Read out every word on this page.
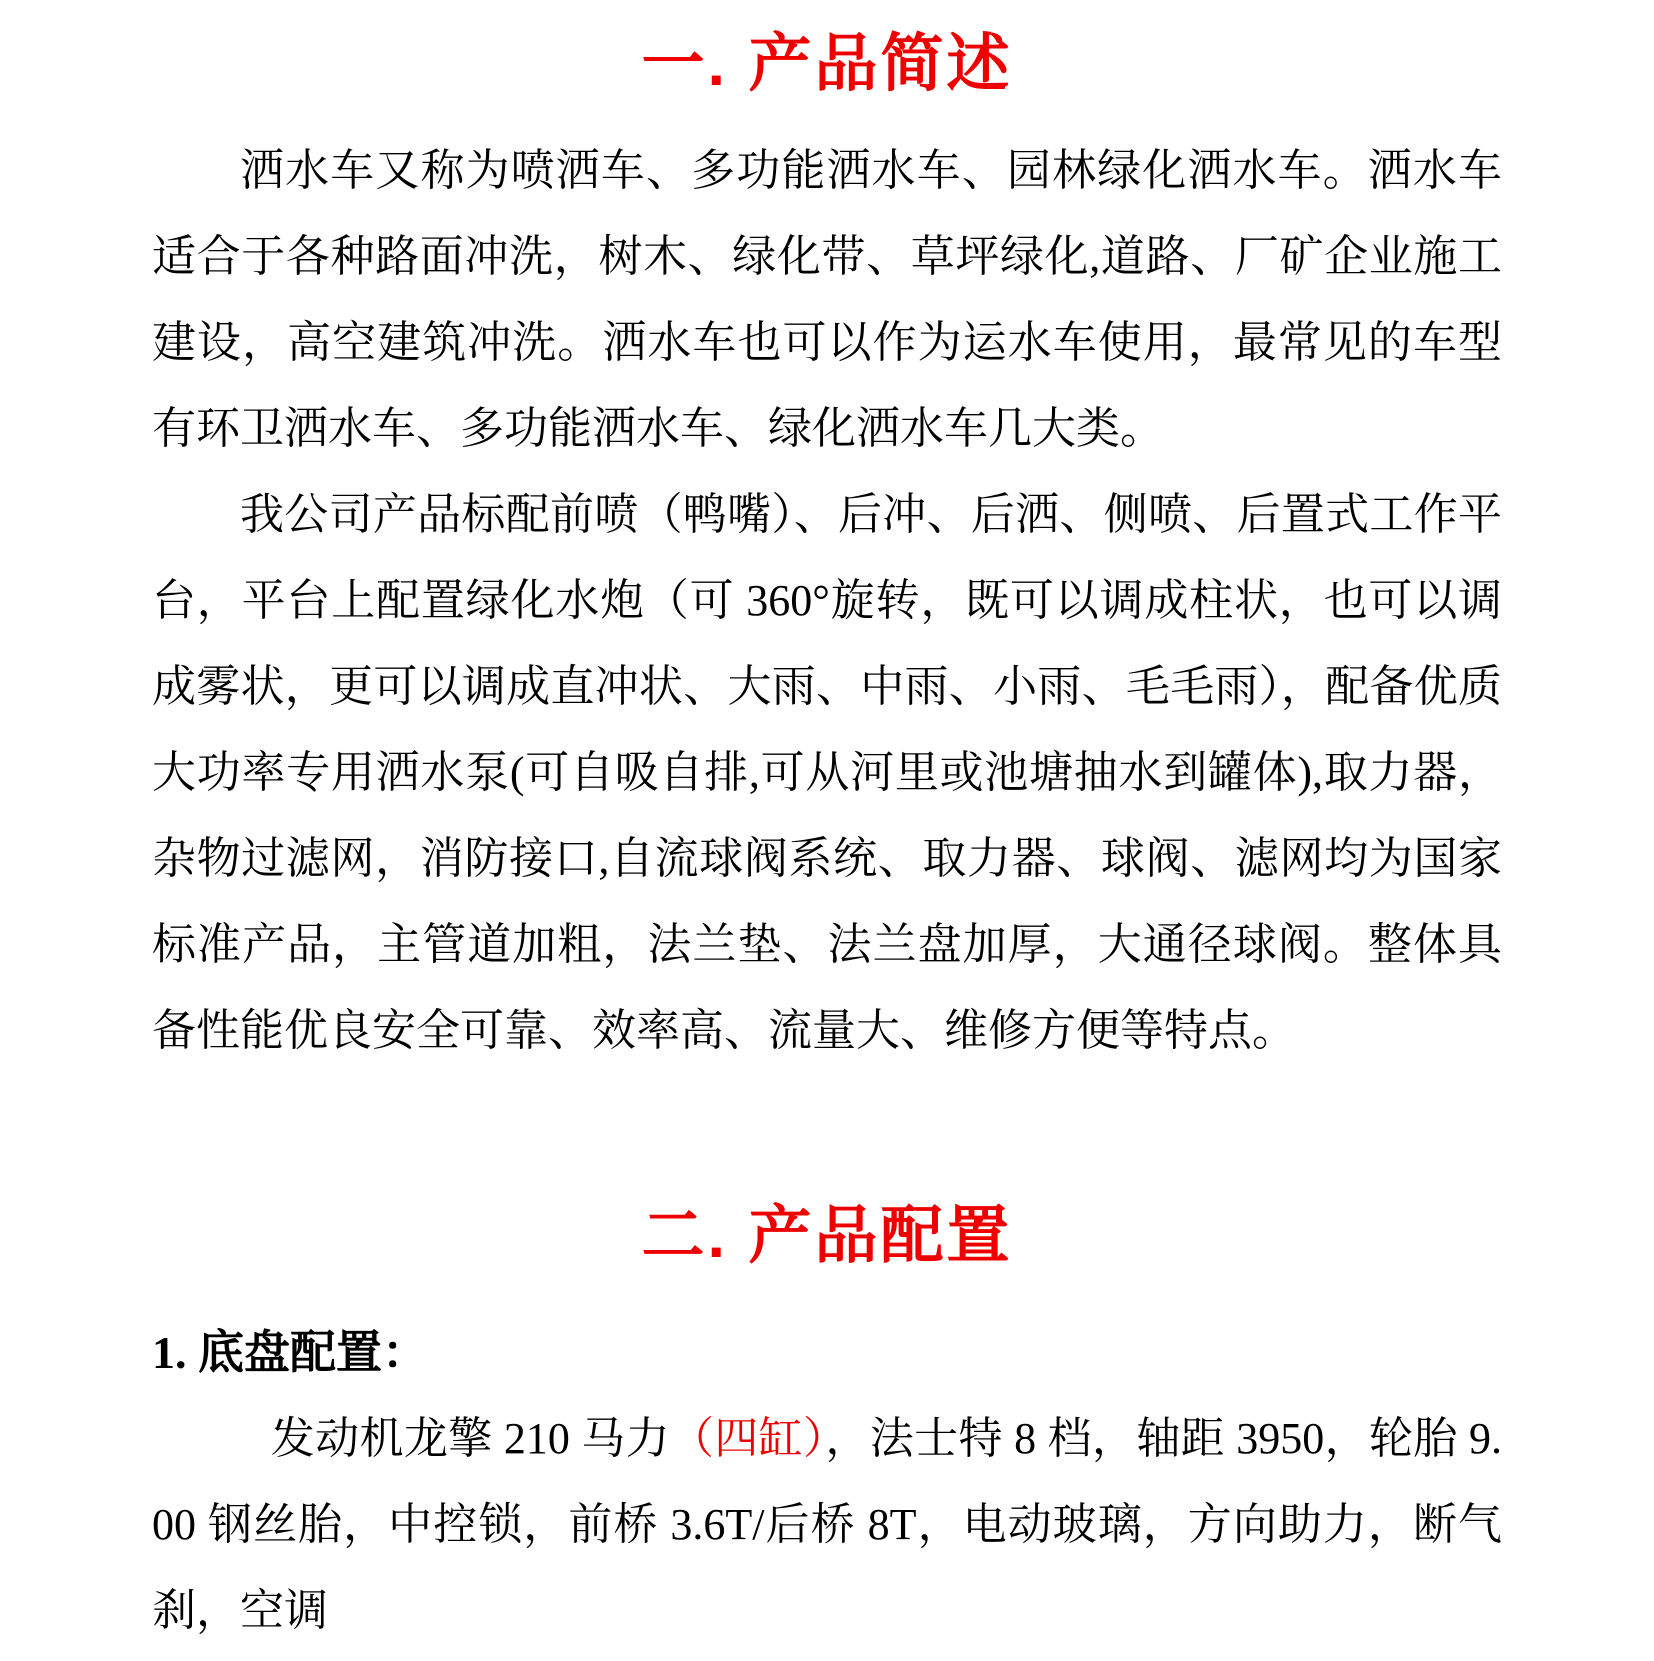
一. 产品简述

洒水车又称为喷洒车、多功能洒水车、园林绿化洒水车。洒水车适合于各种路面冲洗，树木、绿化带、草坪绿化,道路、厂矿企业施工建设，高空建筑冲洗。洒水车也可以作为运水车使用，最常见的车型有环卫洒水车、多功能洒水车、绿化洒水车几大类。

我公司产品标配前喷（鸭嘴）、后冲、后洒、侧喷、后置式工作平台，平台上配置绿化水炮（可 360°旋转，既可以调成柱状，也可以调成雾状，更可以调成直冲状、大雨、中雨、小雨、毛毛雨），配备优质大功率专用洒水泵(可自吸自排,可从河里或池塘抽水到罐体),取力器，杂物过滤网，消防接口,自流球阀系统、取力器、球阀、滤网均为国家标准产品，主管道加粗，法兰垫、法兰盘加厚，大通径球阀。整体具备性能优良安全可靠、效率高、流量大、维修方便等特点。

二. 产品配置
1. 底盘配置：

发动机龙擎 210 马力（四缸），法士特 8 档，轴距 3950，轮胎 9.00 钢丝胎，中控锁，前桥 3.6T/后桥 8T，电动玻璃，方向助力，断气刹，空调
